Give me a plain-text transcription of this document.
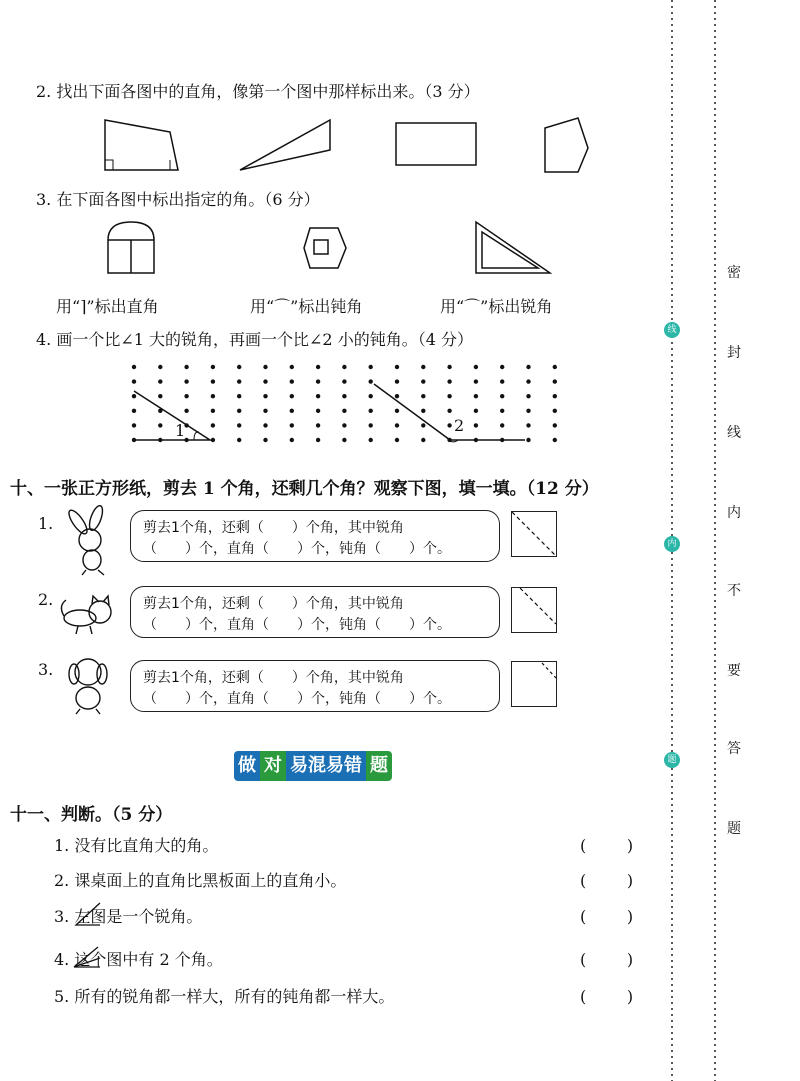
2. 找出下面各图中的直角，像第一个图中那样标出来。（3 分）
3. 在下面各图中标出指定的角。（6 分）
用“⌉”标出直角	用“⌒”标出钝角	用“⌒”标出锐角
4. 画一个比∠1 大的锐角，再画一个比∠2 小的钝角。（4 分）
1	2
十、一张正方形纸，剪去 1 个角，还剩几个角？观察下图，填一填。（12 分）
1.	剪去1个角，还剩（　　）个角，其中锐角
（　　）个，直角（　　）个，钝角（　　）个。
2.	剪去1个角，还剩（　　）个角，其中锐角
（　　）个，直角（　　）个，钝角（　　）个。
3.	剪去1个角，还剩（　　）个角，其中锐角
（　　）个，直角（　　）个，钝角（　　）个。
做 对 易混易错 题
十一、判断。（5 分）
1. 没有比直角大的角。	(        )
2. 课桌面上的直角比黑板面上的直角小。	(        )
3. 左图是一个锐角。	(        )
4. 这个图中有 2 个角。	(        )
5. 所有的锐角都一样大，所有的钝角都一样大。	(        )
密
封
线
内
不
要
答
题
线
内
题
